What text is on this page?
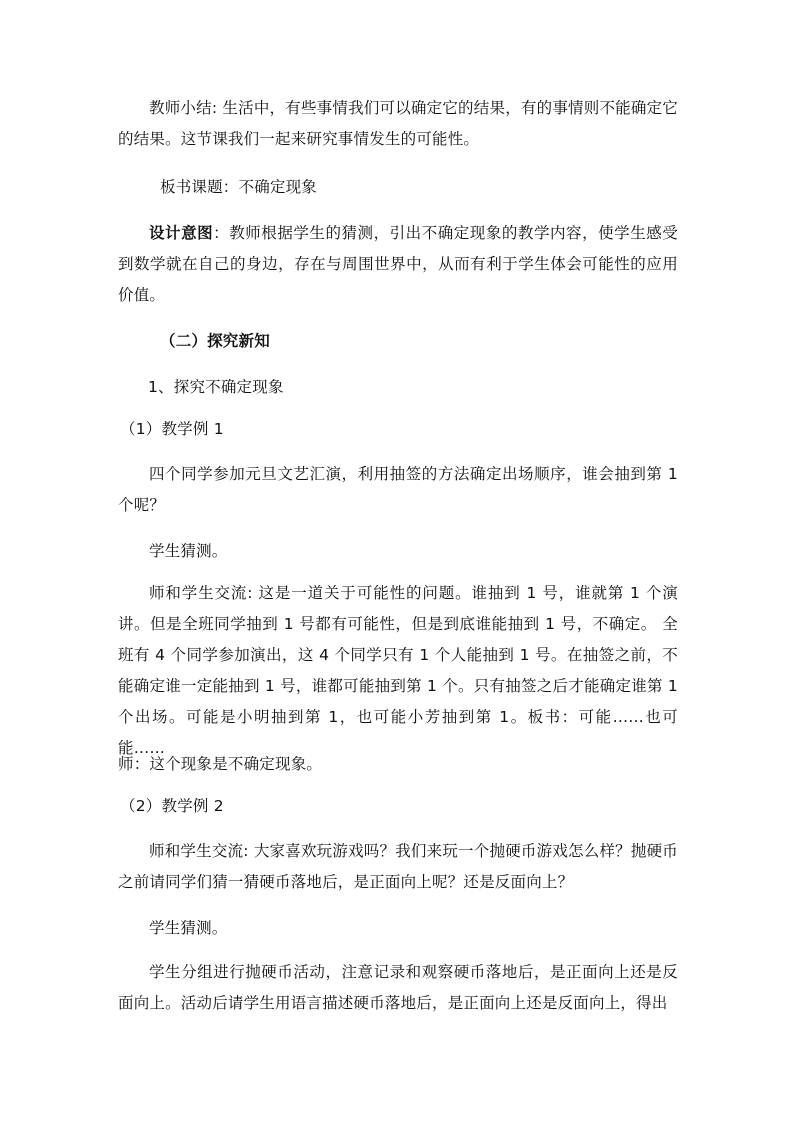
教师小结: 生活中，有些事情我们可以确定它的结果，有的事情则不能确定它的结果。这节课我们一起来研究事情发生的可能性。

板书课题：不确定现象

设计意图：教师根据学生的猜测，引出不确定现象的教学内容，使学生感受到数学就在自己的身边，存在与周围世界中，从而有利于学生体会可能性的应用价值。

（二）探究新知

1、探究不确定现象

（1）教学例 1

四个同学参加元旦文艺汇演，利用抽签的方法确定出场顺序，谁会抽到第 1 个呢？

学生猜测。

师和学生交流: 这是一道关于可能性的问题。谁抽到 1 号，谁就第 1 个演讲。但是全班同学抽到 1 号都有可能性，但是到底谁能抽到 1 号，不确定。 全班有 4 个同学参加演出，这 4 个同学只有 1 个人能抽到 1 号。在抽签之前，不能确定谁一定能抽到 1 号，谁都可能抽到第 1 个。只有抽签之后才能确定谁第 1 个出场。可能是小明抽到第 1，也可能小芳抽到第 1。板书：可能……也可能……

师：这个现象是不确定现象。

（2）教学例 2

师和学生交流: 大家喜欢玩游戏吗？我们来玩一个抛硬币游戏怎么样？抛硬币之前请同学们猜一猜硬币落地后，是正面向上呢？还是反面向上？

学生猜测。

学生分组进行抛硬币活动，注意记录和观察硬币落地后，是正面向上还是反面向上。活动后请学生用语言描述硬币落地后，是正面向上还是反面向上，得出
